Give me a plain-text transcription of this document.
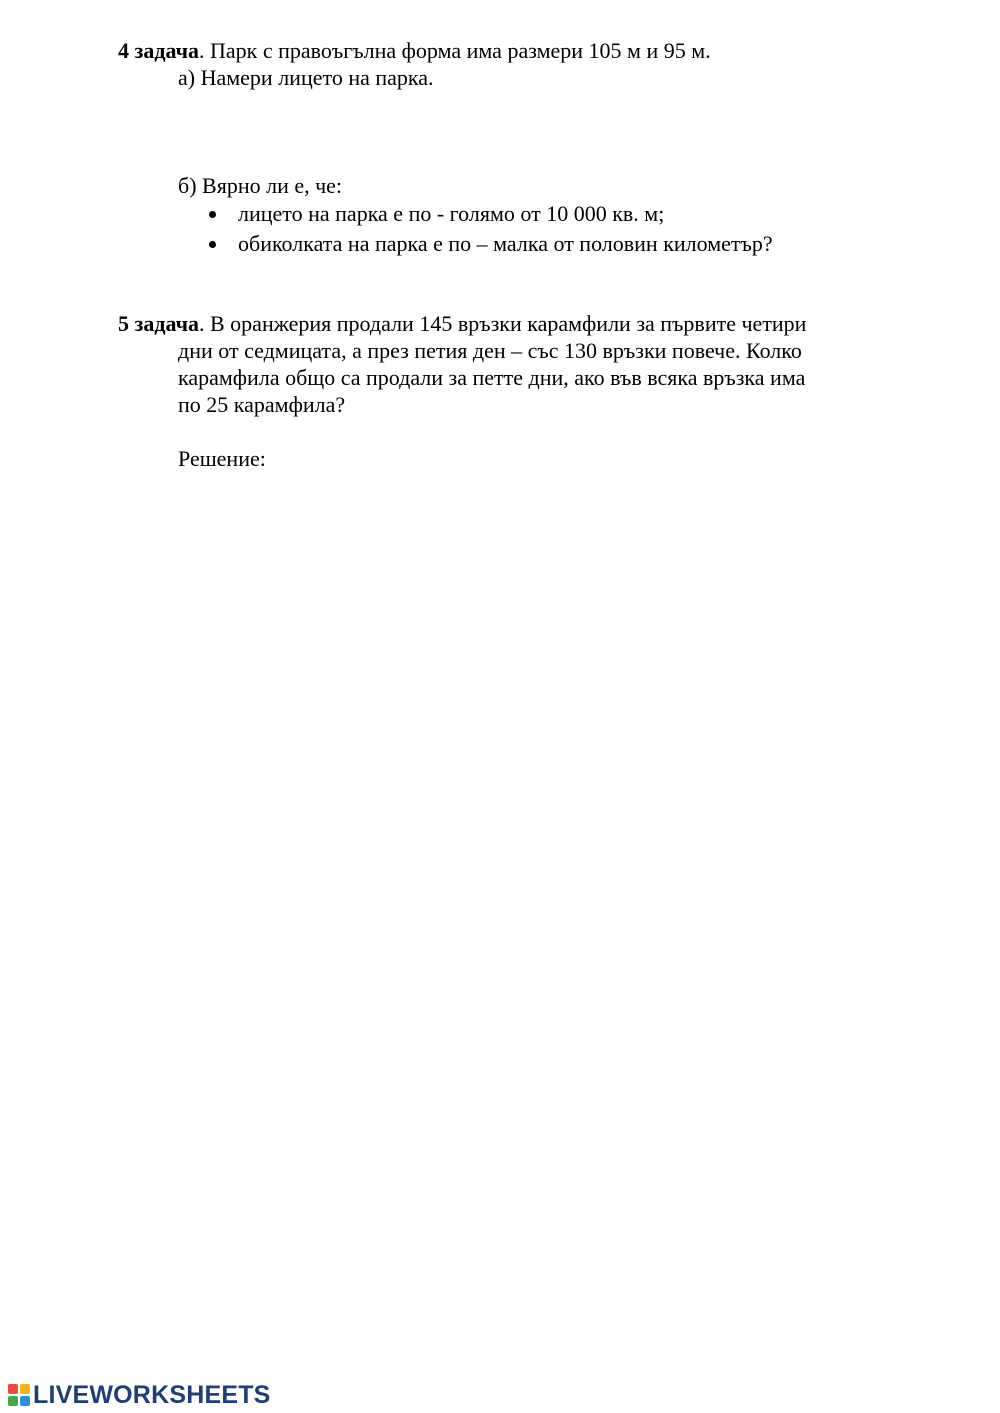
4 задача. Парк с правоъгълна форма има размери 105 м и 95 м.
а) Намери лицето на парка.
б) Вярно ли е, че:
лицето на парка е по - голямо от 10 000 кв. м;
обиколката на парка е по – малка от половин километър?
5 задача. В оранжерия продали 145 връзки карамфили за първите четири
дни от седмицата, а през петия ден – със 130 връзки повече. Колко
карамфила общо са продали за петте дни, ако във всяка връзка има
по 25 карамфила?
Решение:
LIVEWORKSHEETS
